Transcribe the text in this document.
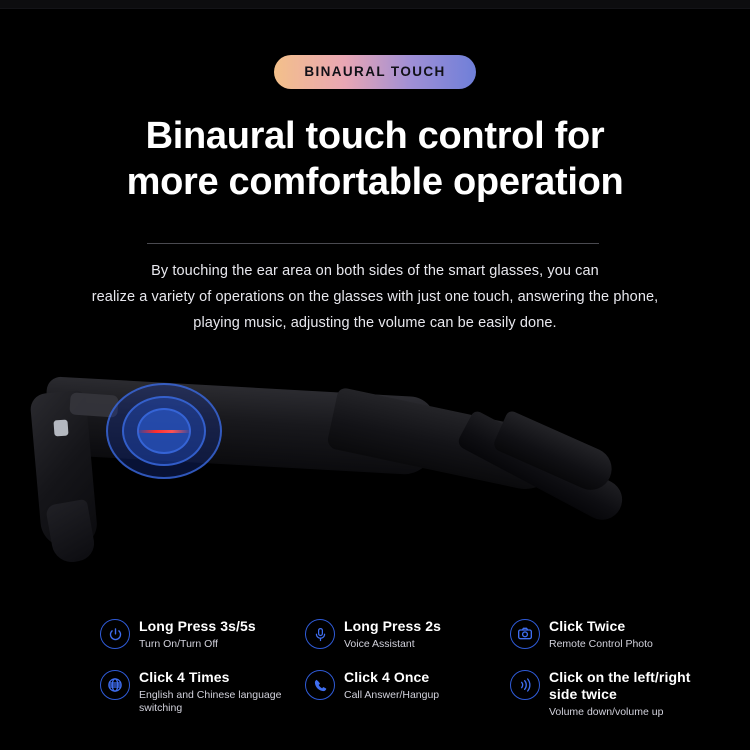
BINAURAL TOUCH
Binaural touch control for
more comfortable operation
By touching the ear area on both sides of the smart glasses, you can
realize a variety of operations on the glasses with just one touch, answering the phone,
playing music, adjusting the volume can be easily done.
Long Press 3s/5s
Turn On/Turn Off
Long Press 2s
Voice Assistant
Click Twice
Remote Control Photo
Click 4 Times
English and Chinese language switching
Click 4 Once
Call Answer/Hangup
Click on the left/right side twice
Volume down/volume up
